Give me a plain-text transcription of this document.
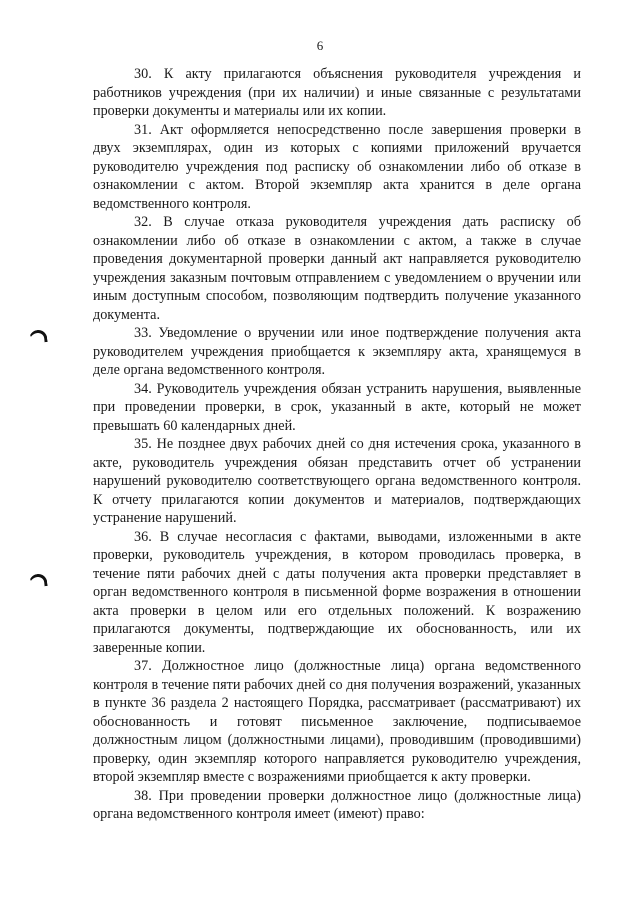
6

30. К акту прилагаются объяснения руководителя учреждения и работников учреждения (при их наличии) и иные связанные с результатами проверки документы и материалы или их копии.

31. Акт оформляется непосредственно после завершения проверки в двух экземплярах, один из которых с копиями приложений вручается руководителю учреждения под расписку об ознакомлении либо об отказе в ознакомлении с актом. Второй экземпляр акта хранится в деле органа ведомственного контроля.

32. В случае отказа руководителя учреждения дать расписку об ознакомлении либо об отказе в ознакомлении с актом, а также в случае проведения документарной проверки данный акт направляется руководителю учреждения заказным почтовым отправлением с уведомлением о вручении или иным доступным способом, позволяющим подтвердить получение указанного документа.

33. Уведомление о вручении или иное подтверждение получения акта руководителем учреждения приобщается к экземпляру акта, хранящемуся в деле органа ведомственного контроля.

34. Руководитель учреждения обязан устранить нарушения, выявленные при проведении проверки, в срок, указанный в акте, который не может превышать 60 календарных дней.

35. Не позднее двух рабочих дней со дня истечения срока, указанного в акте, руководитель учреждения обязан представить отчет об устранении нарушений руководителю соответствующего органа ведомственного контроля. К отчету прилагаются копии документов и материалов, подтверждающих устранение нарушений.

36. В случае несогласия с фактами, выводами, изложенными в акте проверки, руководитель учреждения, в котором проводилась проверка, в течение пяти рабочих дней с даты получения акта проверки представляет в орган ведомственного контроля в письменной форме возражения в отношении акта проверки в целом или его отдельных положений. К возражению прилагаются документы, подтверждающие их обоснованность, или их заверенные копии.

37. Должностное лицо (должностные лица) органа ведомственного контроля в течение пяти рабочих дней со дня получения возражений, указанных в пункте 36 раздела 2 настоящего Порядка, рассматривает (рассматривают) их обоснованность и готовят письменное заключение, подписываемое должностным лицом (должностными лицами), проводившим (проводившими) проверку, один экземпляр которого направляется руководителю учреждения, второй экземпляр вместе с возражениями приобщается к акту проверки.

38. При проведении проверки должностное лицо (должностные лица) органа ведомственного контроля имеет (имеют) право:
